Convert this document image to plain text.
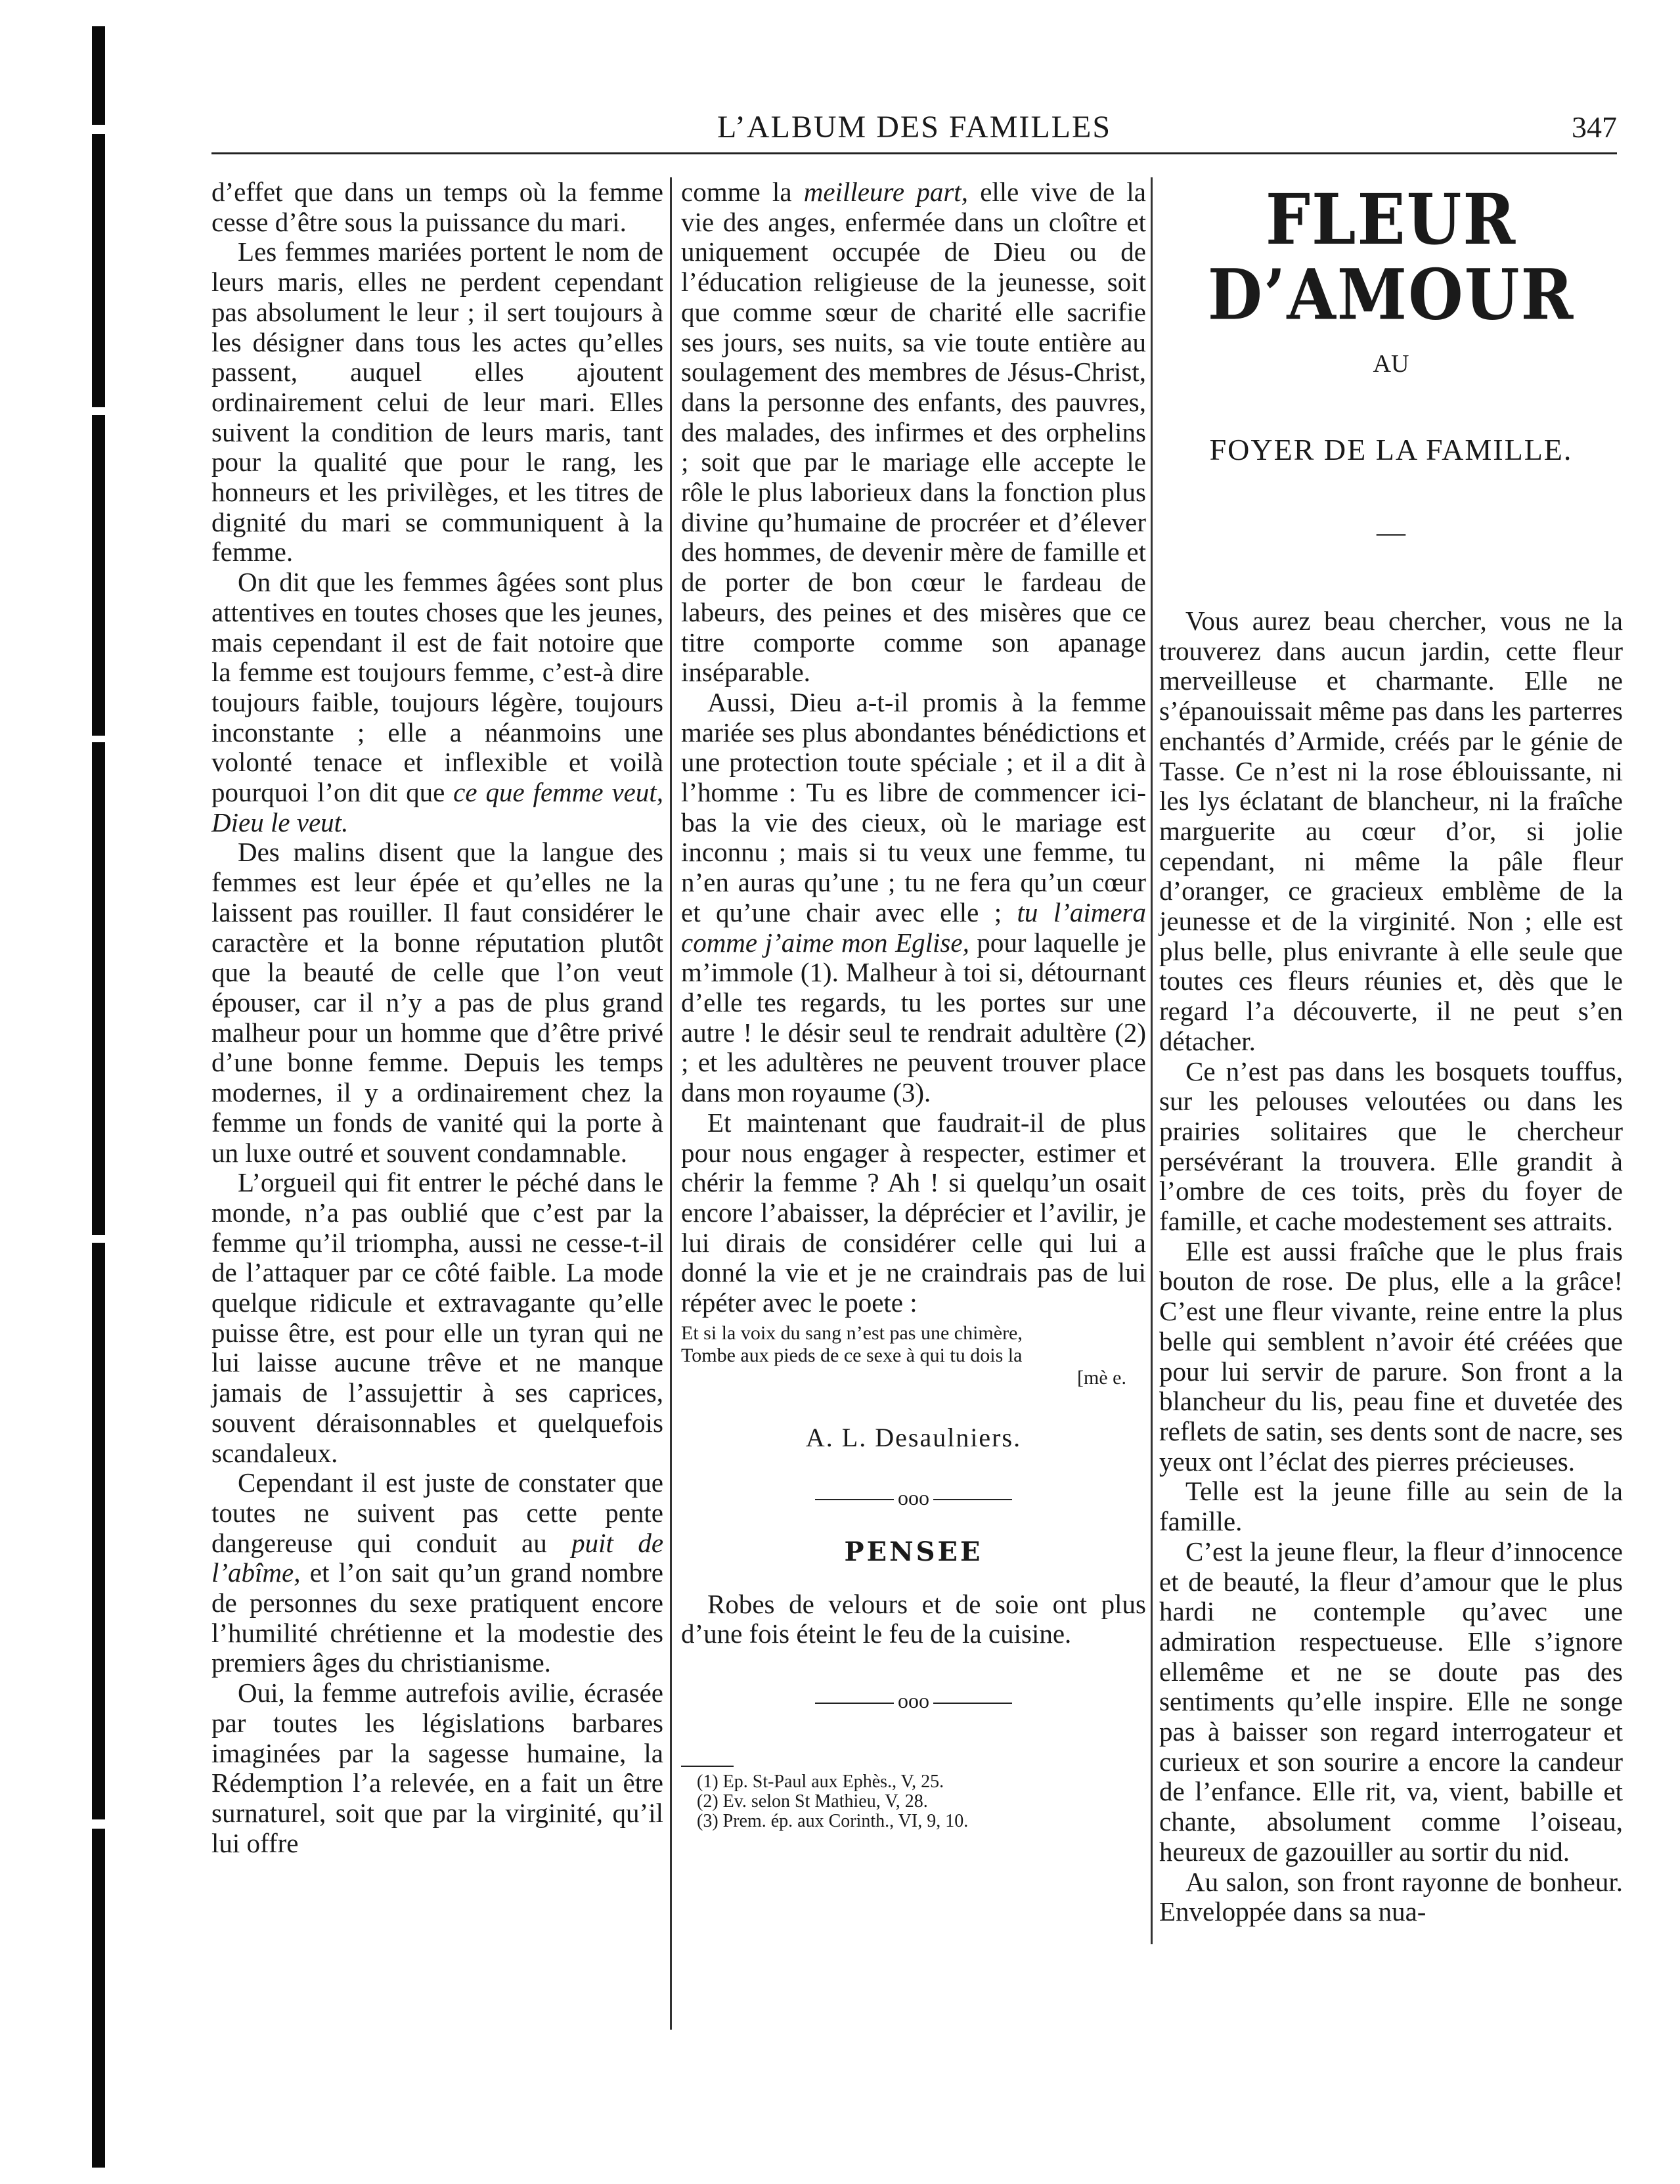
L’ALBUM DES FAMILLES	347

d’effet que dans un temps où la femme cesse d’être sous la puissance du mari.

Les femmes mariées portent le nom de leurs maris, elles ne perdent cependant pas absolument le leur ; il sert toujours à les désigner dans tous les actes qu’elles passent, auquel elles ajoutent ordinairement celui de leur mari. Elles suivent la condition de leurs maris, tant pour la qualité que pour le rang, les honneurs et les privilèges, et les titres de dignité du mari se communiquent à la femme.

On dit que les femmes âgées sont plus attentives en toutes choses que les jeunes, mais cependant il est de fait notoire que la femme est toujours femme, c’est-à dire toujours faible, toujours légère, toujours inconstante ; elle a néanmoins une volonté tenace et inflexible et voilà pourquoi l’on dit que ce que femme veut, Dieu le veut.

Des malins disent que la langue des femmes est leur épée et qu’elles ne la laissent pas rouiller. Il faut considérer le caractère et la bonne réputation plutôt que la beauté de celle que l’on veut épouser, car il n’y a pas de plus grand malheur pour un homme que d’être privé d’une bonne femme. Depuis les temps modernes, il y a ordinairement chez la femme un fonds de vanité qui la porte à un luxe outré et souvent condamnable.

L’orgueil qui fit entrer le péché dans le monde, n’a pas oublié que c’est par la femme qu’il triompha, aussi ne cesse-t-il de l’attaquer par ce côté faible. La mode quelque ridicule et extravagante qu’elle puisse être, est pour elle un tyran qui ne lui laisse aucune trêve et ne manque jamais de l’assujettir à ses caprices, souvent déraisonnables et quelquefois scandaleux.

Cependant il est juste de constater que toutes ne suivent pas cette pente dangereuse qui conduit au puit de l’abîme, et l’on sait qu’un grand nombre de personnes du sexe pratiquent encore l’humilité chrétienne et la modestie des premiers âges du christianisme.

Oui, la femme autrefois avilie, écrasée par toutes les législations barbares imaginées par la sagesse humaine, la Rédemption l’a relevée, en a fait un être surnaturel, soit que par la virginité, qu’il lui offre

comme la meilleure part, elle vive de la vie des anges, enfermée dans un cloître et uniquement occupée de Dieu ou de l’éducation religieuse de la jeunesse, soit que comme sœur de charité elle sacrifie ses jours, ses nuits, sa vie toute entière au soulagement des membres de Jésus-Christ, dans la personne des enfants, des pauvres, des malades, des infirmes et des orphelins ; soit que par le mariage elle accepte le rôle le plus laborieux dans la fonction plus divine qu’humaine de procréer et d’élever des hommes, de devenir mère de famille et de porter de bon cœur le fardeau de labeurs, des peines et des misères que ce titre comporte comme son apanage inséparable.

Aussi, Dieu a-t-il promis à la femme mariée ses plus abondantes bénédictions et une protection toute spéciale ; et il a dit à l’homme : Tu es libre de commencer ici-bas la vie des cieux, où le mariage est inconnu ; mais si tu veux une femme, tu n’en auras qu’une ; tu ne fera qu’un cœur et qu’une chair avec elle ; tu l’aimera comme j’aime mon Eglise, pour laquelle je m’immole (1). Malheur à toi si, détournant d’elle tes regards, tu les portes sur une autre ! le désir seul te rendrait adultère (2) ; et les adultères ne peuvent trouver place dans mon royaume (3).

Et maintenant que faudrait-il de plus pour nous engager à respecter, estimer et chérir la femme ? Ah ! si quelqu’un osait encore l’abaisser, la déprécier et l’avilir, je lui dirais de considérer celle qui lui a donné la vie et je ne craindrais pas de lui répéter avec le poete :

Et si la voix du sang n’est pas une chimère,
Tombe aux pieds de ce sexe à qui tu dois la
[mè e.
A. L. Desaulniers.
ooo
PENSEE

Robes de velours et de soie ont plus d’une fois éteint le feu de la cuisine.

ooo
(1) Ep. St-Paul aux Ephès., V, 25.
(2) Ev. selon St Mathieu, V, 28.
(3) Prem. ép. aux Corinth., VI, 9, 10.
FLEUR D’AMOUR
AU
FOYER DE LA FAMILLE.
—

Vous aurez beau chercher, vous ne la trouverez dans aucun jardin, cette fleur merveilleuse et charmante. Elle ne s’épanouissait même pas dans les parterres enchantés d’Armide, créés par le génie de Tasse. Ce n’est ni la rose éblouissante, ni les lys éclatant de blancheur, ni la fraîche marguerite au cœur d’or, si jolie cependant, ni même la pâle fleur d’oranger, ce gracieux emblème de la jeunesse et de la virginité. Non ; elle est plus belle, plus enivrante à elle seule que toutes ces fleurs réunies et, dès que le regard l’a découverte, il ne peut s’en détacher.

Ce n’est pas dans les bosquets touffus, sur les pelouses veloutées ou dans les prairies solitaires que le chercheur persévérant la trouvera. Elle grandit à l’ombre de ces toits, près du foyer de famille, et cache modestement ses attraits.

Elle est aussi fraîche que le plus frais bouton de rose. De plus, elle a la grâce! C’est une fleur vivante, reine entre la plus belle qui semblent n’avoir été créées que pour lui servir de parure. Son front a la blancheur du lis, peau fine et duvetée des reflets de satin, ses dents sont de nacre, ses yeux ont l’éclat des pierres précieuses.

Telle est la jeune fille au sein de la famille.

C’est la jeune fleur, la fleur d’innocence et de beauté, la fleur d’amour que le plus hardi ne contemple qu’avec une admiration respectueuse. Elle s’ignore ellemême et ne se doute pas des sentiments qu’elle inspire. Elle ne songe pas à baisser son regard interrogateur et curieux et son sourire a encore la candeur de l’enfance. Elle rit, va, vient, babille et chante, absolument comme l’oiseau, heureux de gazouiller au sortir du nid.

Au salon, son front rayonne de bonheur. Enveloppée dans sa nua-
